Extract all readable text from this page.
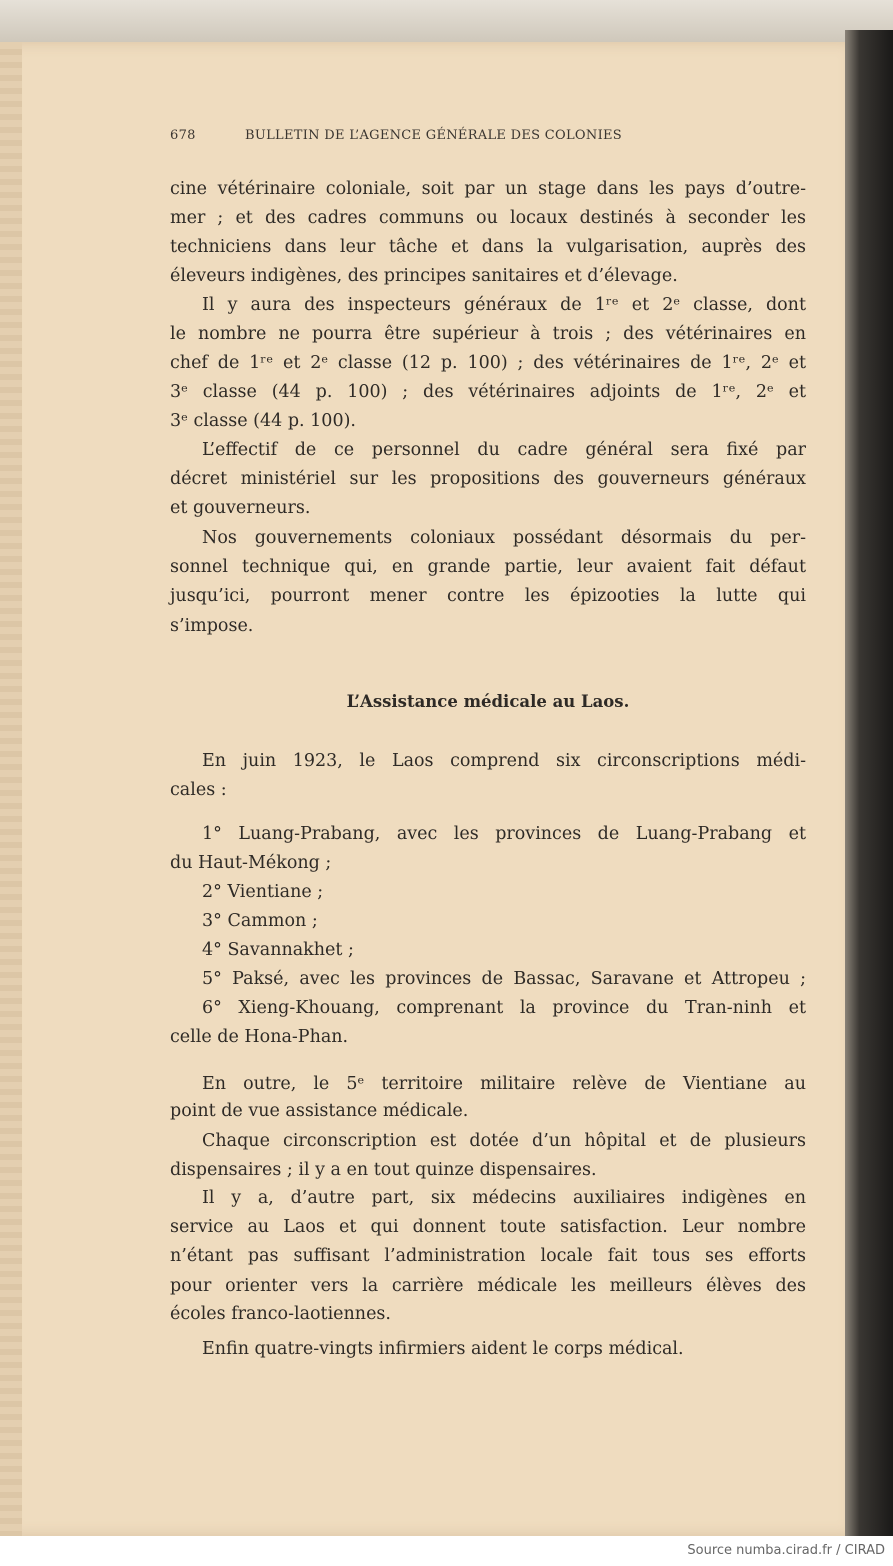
678	BULLETIN DE L’AGENCE GÉNÉRALE DES COLONIES
cine vétérinaire coloniale, soit par un stage dans les pays d’outre-
mer ; et des cadres communs ou locaux destinés à seconder les
techniciens dans leur tâche et dans la vulgarisation, auprès des
éleveurs indigènes, des principes sanitaires et d’élevage.
Il y aura des inspecteurs généraux de 1ʳᵉ et 2ᵉ classe, dont
le nombre ne pourra être supérieur à trois ; des vétérinaires en
chef de 1ʳᵉ et 2ᵉ classe (12 p. 100) ; des vétérinaires de 1ʳᵉ, 2ᵉ et
3ᵉ classe (44 p. 100) ; des vétérinaires adjoints de 1ʳᵉ, 2ᵉ et
3ᵉ classe (44 p. 100).
L’effectif de ce personnel du cadre général sera fixé par
décret ministériel sur les propositions des gouverneurs généraux
et gouverneurs.
Nos gouvernements coloniaux possédant désormais du per-
sonnel technique qui, en grande partie, leur avaient fait défaut
jusqu’ici, pourront mener contre les épizooties la lutte qui
s’impose.
L’Assistance médicale au Laos.
En juin 1923, le Laos comprend six circonscriptions médi-
cales :
1° Luang-Prabang, avec les provinces de Luang-Prabang et
du Haut-Mékong ;
2° Vientiane ;
3° Cammon ;
4° Savannakhet ;
5° Paksé, avec les provinces de Bassac, Saravane et Attropeu ;
6° Xieng-Khouang, comprenant la province du Tran-ninh et
celle de Hona-Phan.
En outre, le 5ᵉ territoire militaire relève de Vientiane au
point de vue assistance médicale.
Chaque circonscription est dotée d’un hôpital et de plusieurs
dispensaires ; il y a en tout quinze dispensaires.
Il y a, d’autre part, six médecins auxiliaires indigènes en
service au Laos et qui donnent toute satisfaction. Leur nombre
n’étant pas suffisant l’administration locale fait tous ses efforts
pour orienter vers la carrière médicale les meilleurs élèves des
écoles franco-laotiennes.
Enfin quatre-vingts infirmiers aident le corps médical.
Source numba.cirad.fr / CIRAD
